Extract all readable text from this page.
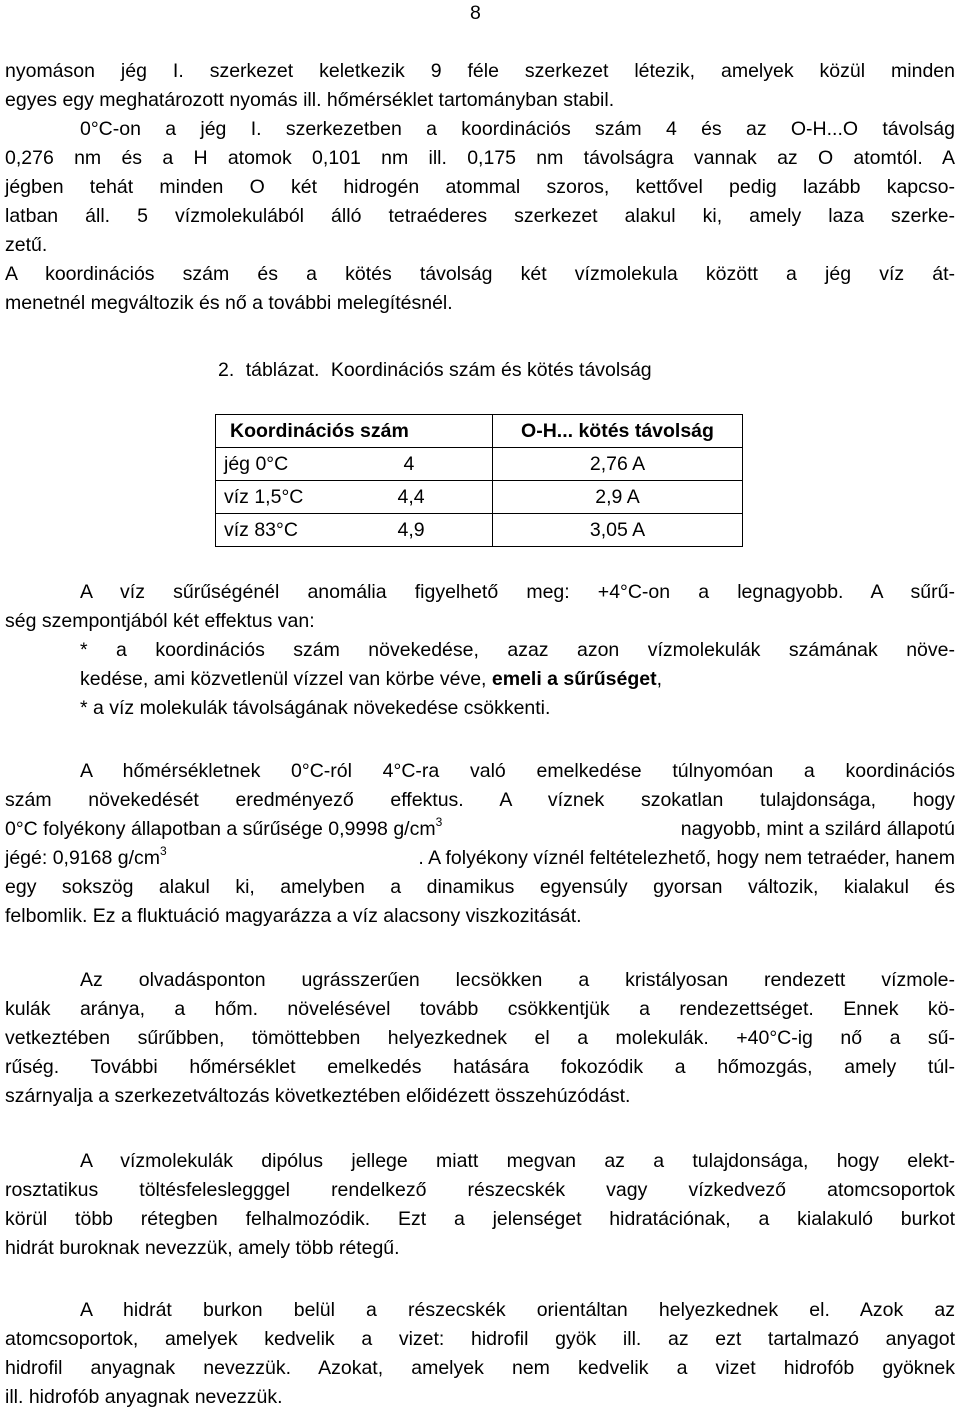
8
nyomáson jég I. szerkezet keletkezik 9 féle szerkezet létezik, amelyek közül minden
egyes egy meghatározott nyomás ill. hőmérséklet tartományban stabil.
0°C-on a jég I. szerkezetben a koordinációs szám 4 és az O-H...O távolság
0,276 nm és a H atomok 0,101 nm ill. 0,175 nm távolságra vannak az O atomtól. A
jégben tehát minden O két hidrogén atommal szoros, kettővel pedig lazább kapcso-
latban áll. 5 vízmolekulából álló tetraéderes szerkezet alakul ki, amely laza szerke-
zetű.
A koordinációs szám és a kötés távolság két vízmolekula között a jég víz át-
menetnél megváltozik és nő a további melegítésnél.
2. táblázat. Koordinációs szám és kötés távolság
Koordinációs szám	O-H... kötés távolság
jég 0°C 4	2,76 A
víz 1,5°C 4,4	2,9 A
víz 83°C 4,9	3,05 A
A víz sűrűségénél anomália figyelhető meg: +4°C-on a legnagyobb. A sűrű-
ség szempontjából két effektus van:
* a koordinációs szám növekedése, azaz azon vízmolekulák számának növe-
kedése, ami közvetlenül vízzel van körbe véve, emeli a sűrűséget,
* a víz molekulák távolságának növekedése csökkenti.
A hőmérsékletnek 0°C-ról 4°C-ra való emelkedése túlnyomóan a koordinációs
szám növekedését eredményező effektus. A víznek szokatlan tulajdonsága, hogy
0°C folyékony állapotban a sűrűsége 0,9998 $g/cm^3$	nagyobb, mint a szilárd állapotú
jégé: 0,9168 $g/cm^3$	. A folyékony víznél feltételezhető, hogy nem tetraéder, hanem
egy sokszög alakul ki, amelyben a dinamikus egyensúly gyorsan változik, kialakul és
felbomlik. Ez a fluktuáció magyarázza a víz alacsony viszkozitását.
Az olvadásponton ugrásszerűen lecsökken a kristályosan rendezett vízmole-
kulák aránya, a hőm. növelésével tovább csökkentjük a rendezettséget. Ennek kö-
vetkeztében sűrűbben, tömöttebben helyezkednek el a molekulák. +40°C-ig nő a sű-
rűség. További hőmérséklet emelkedés hatására fokozódik a hőmozgás, amely túl-
szárnyalja a szerkezetváltozás következtében előidézett összehúzódást.
A vízmolekulák dipólus jellege miatt megvan az a tulajdonsága, hogy elekt-
rosztatikus töltésfeleslegggel rendelkező részecskék vagy vízkedvező atomcsoportok
körül több rétegben felhalmozódik. Ezt a jelenséget hidratációnak, a kialakuló burkot
hidrát buroknak nevezzük, amely több rétegű.
A hidrát burkon belül a részecskék orientáltan helyezkednek el. Azok az
atomcsoportok, amelyek kedvelik a vizet: hidrofil gyök ill. az ezt tartalmazó anyagot
hidrofil anyagnak nevezzük. Azokat, amelyek nem kedvelik a vizet hidrofób gyöknek
ill. hidrofób anyagnak nevezzük.
